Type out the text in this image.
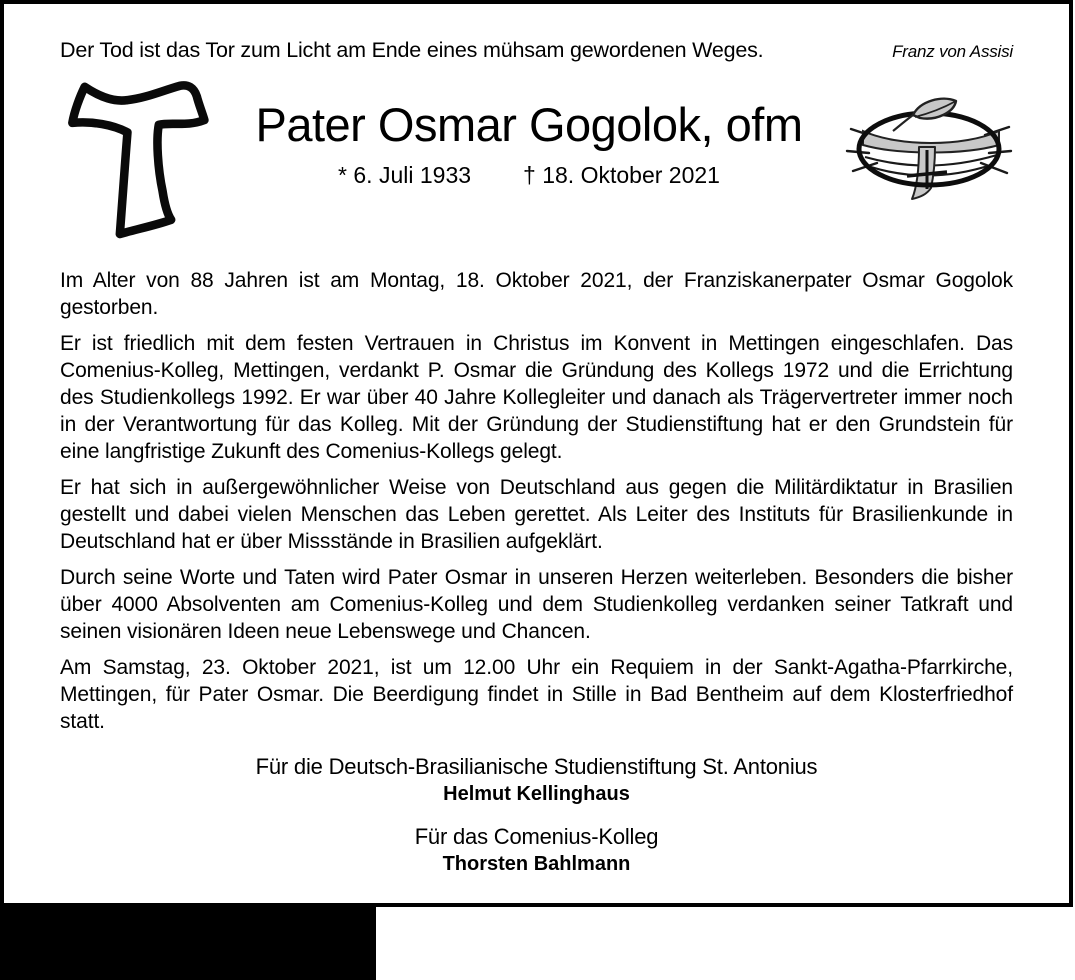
Der Tod ist das Tor zum Licht am Ende eines mühsam gewordenen Weges.	Franz von Assisi
Pater Osmar Gogolok, ofm
* 6. Juli 1933 † 18. Oktober 2021

Im Alter von 88 Jahren ist am Montag, 18. Oktober 2021, der Franziskanerpater Osmar Gogolok gestorben.

Er ist friedlich mit dem festen Vertrauen in Christus im Konvent in Mettingen eingeschlafen. Das Comenius-Kolleg, Mettingen, verdankt P. Osmar die Gründung des Kollegs 1972 und die Errichtung des Studienkollegs 1992. Er war über 40 Jahre Kollegleiter und danach als Trägervertreter immer noch in der Verantwortung für das Kolleg. Mit der Gründung der Studienstiftung hat er den Grundstein für eine langfristige Zukunft des Comenius-Kollegs gelegt.

Er hat sich in außergewöhnlicher Weise von Deutschland aus gegen die Militärdiktatur in Brasilien gestellt und dabei vielen Menschen das Leben gerettet. Als Leiter des Instituts für Brasilienkunde in Deutschland hat er über Missstände in Brasilien aufgeklärt.

Durch seine Worte und Taten wird Pater Osmar in unseren Herzen weiterleben. Besonders die bisher über 4000 Absolventen am Comenius-Kolleg und dem Studienkolleg verdanken seiner Tatkraft und seinen visionären Ideen neue Lebenswege und Chancen.

Am Samstag, 23. Oktober 2021, ist um 12.00 Uhr ein Requiem in der Sankt-Agatha-Pfarrkirche, Mettingen, für Pater Osmar. Die Beerdigung findet in Stille in Bad Bentheim auf dem Klosterfriedhof statt.

Für die Deutsch-Brasilianische Studienstiftung St. Antonius
Helmut Kellinghaus
Für das Comenius-Kolleg
Thorsten Bahlmann
